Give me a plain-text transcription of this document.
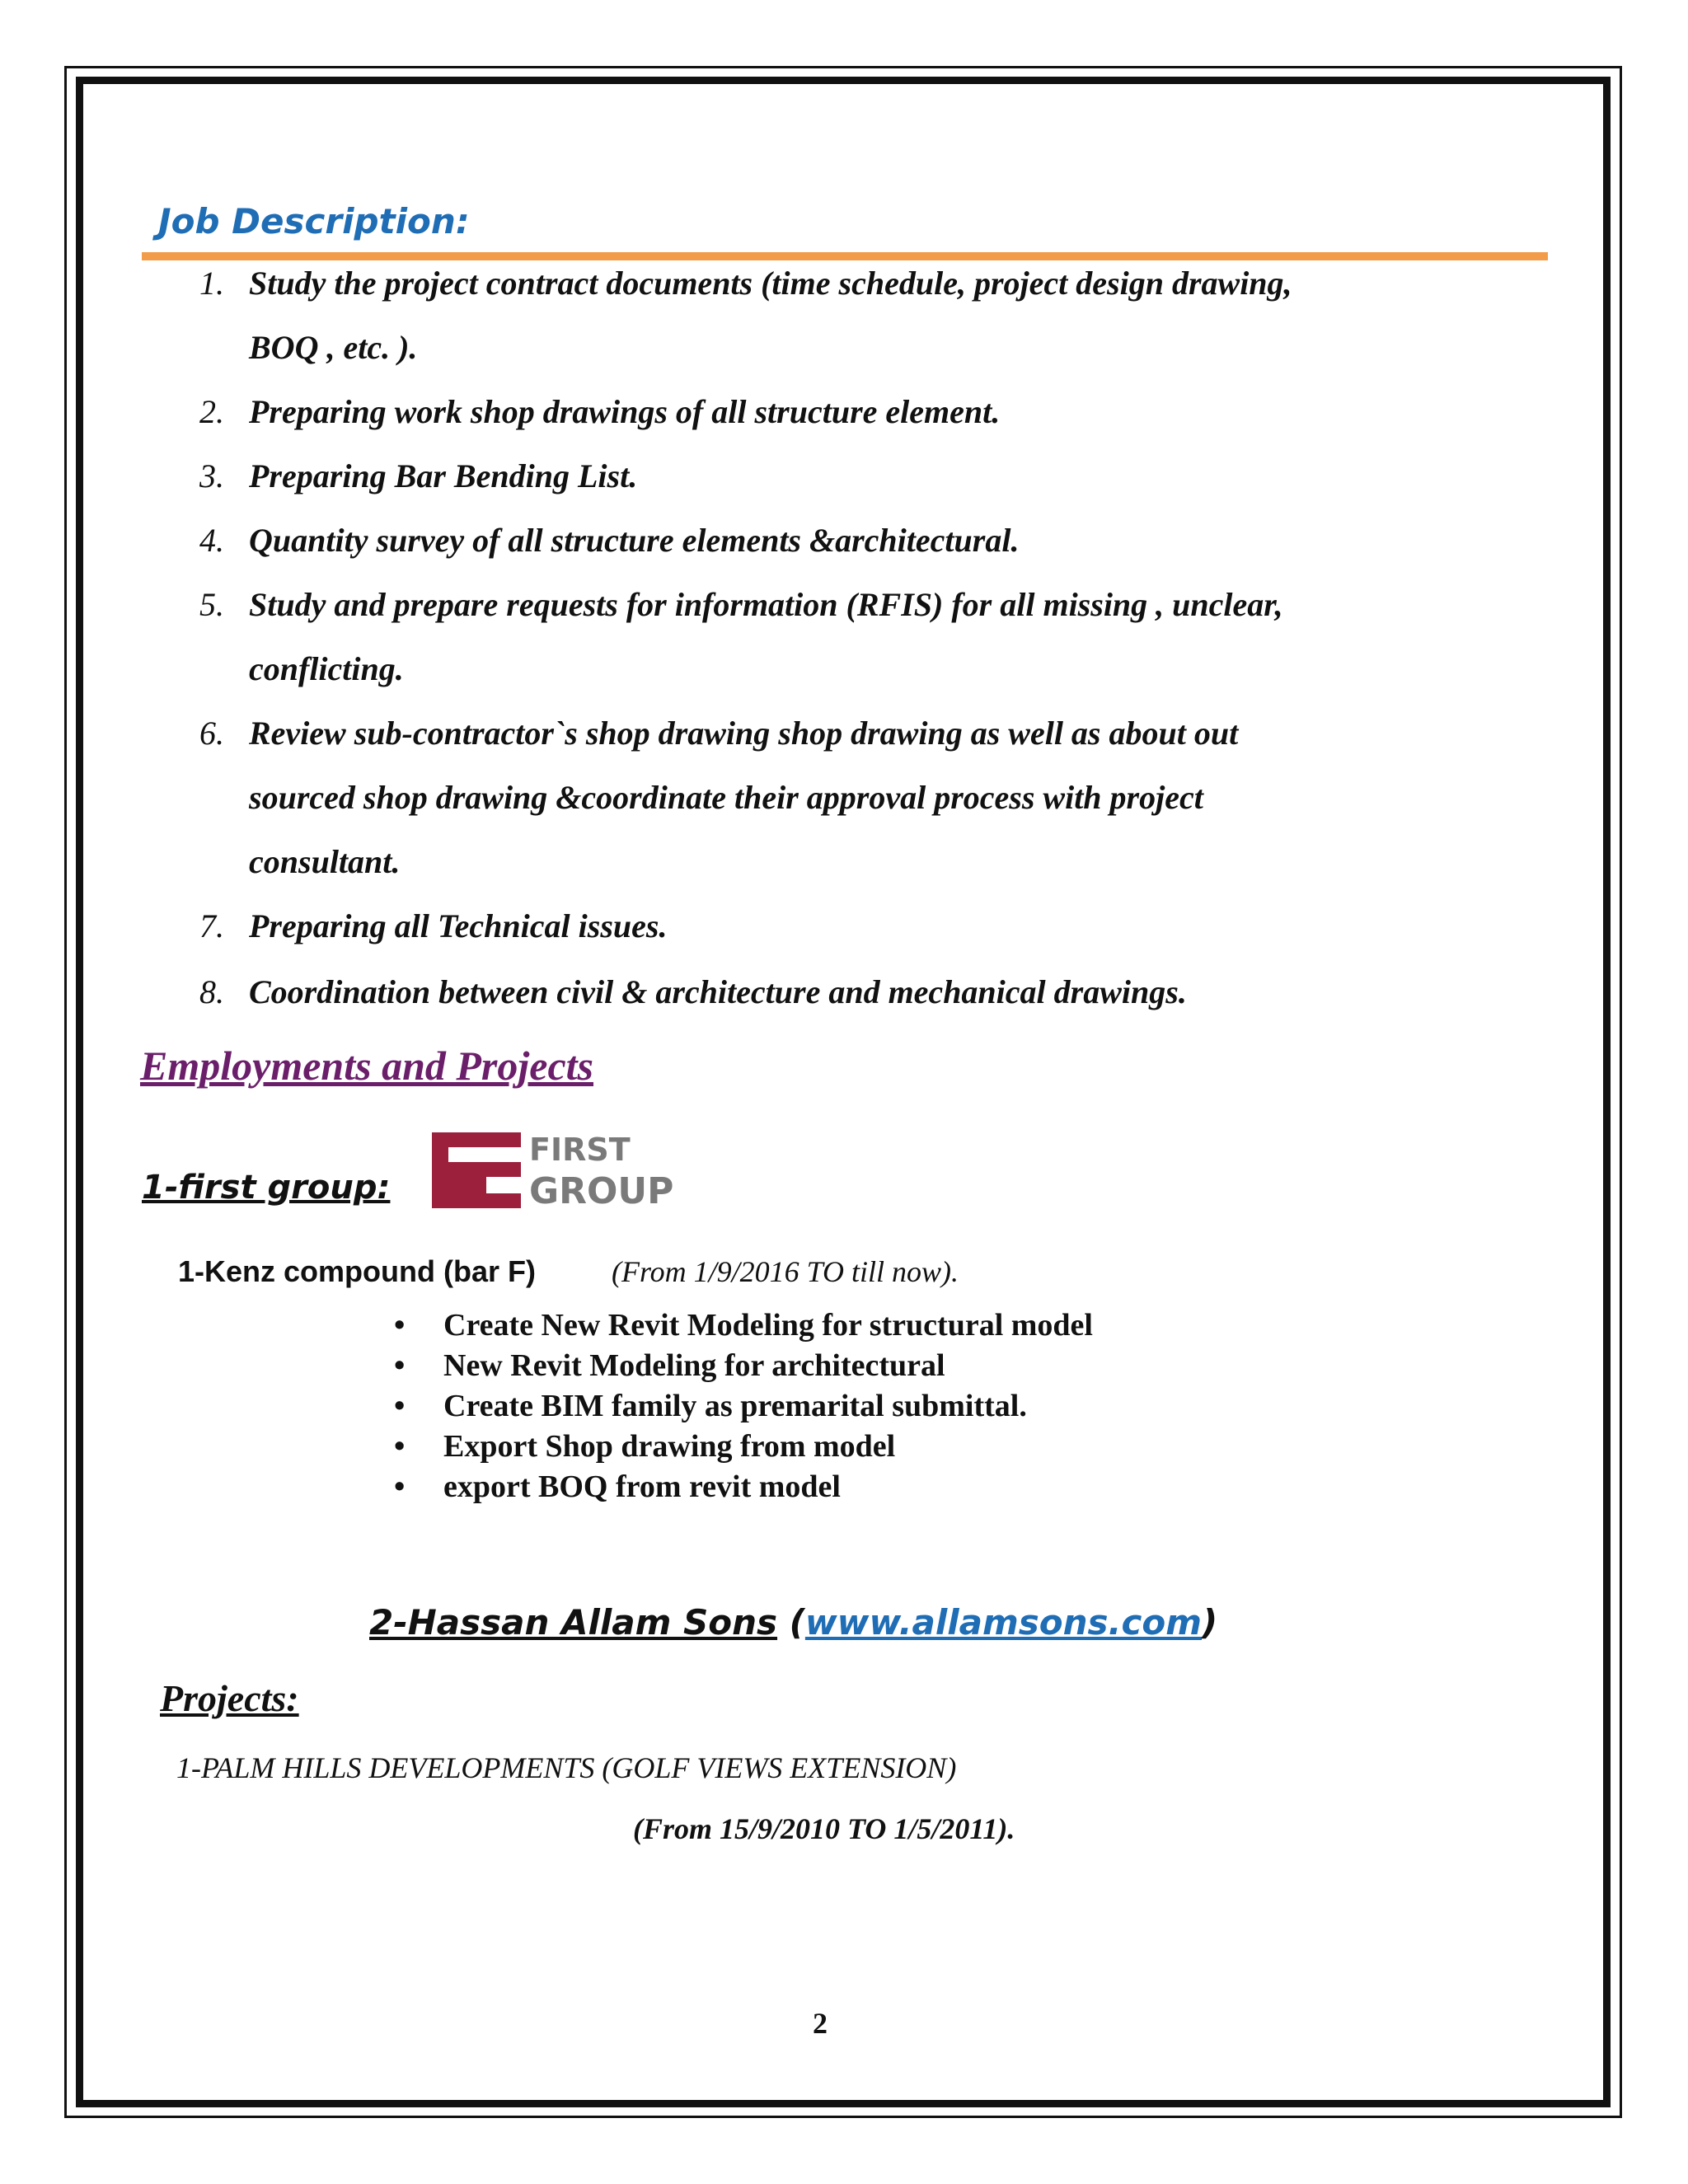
Job Description:
1. Study the project contract documents (time schedule, project design drawing,
BOQ , etc. ).
2. Preparing work shop drawings of all structure element.
3. Preparing Bar Bending List.
4. Quantity survey of all structure elements &architectural.
5. Study and prepare requests for information (RFIS) for all missing , unclear,
conflicting.
6. Review sub-contractor`s shop drawing shop drawing as well as about out
sourced shop drawing &coordinate their approval process with project
consultant.
7. Preparing all Technical issues.
8. Coordination between civil & architecture and mechanical drawings.
Employments and Projects
1-first group:
FIRST
GROUP
1-Kenz compound (bar F)	(From 1/9/2016 TO till now).
• Create New Revit Modeling for structural model
• New Revit Modeling for architectural
• Create BIM family as premarital submittal.
• Export Shop drawing from model
• export BOQ from revit model
2-Hassan Allam Sons (www.allamsons.com)
Projects:
1-PALM HILLS DEVELOPMENTS (GOLF VIEWS EXTENSION)
(From 15/9/2010 TO 1/5/2011).
2
